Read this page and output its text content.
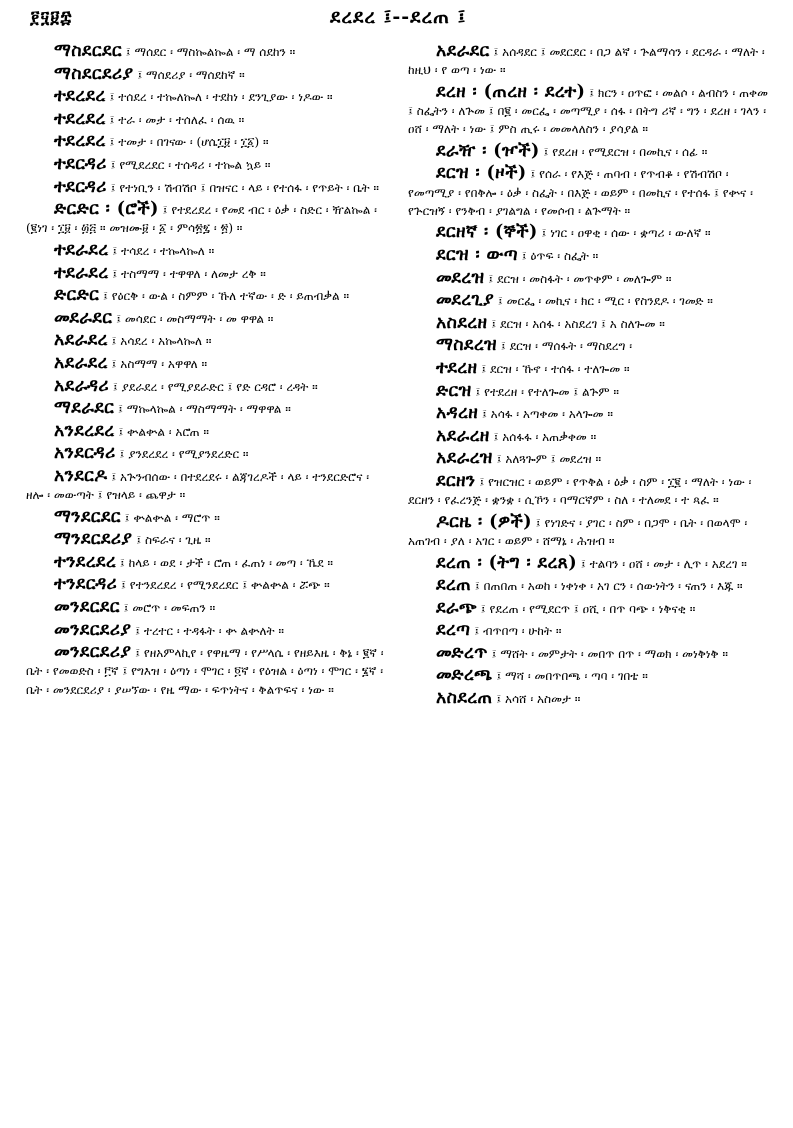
፻፶፱፰	ደረደረ ፤--ደረጠ ፤

ማስደርደር ፤ ማሰደር ፡ ማስኰልኰል ፡ ማ ሰደከን ።

ማስደርደሪያ ፤ ማሰደሪያ ፡ ማሰደከኛ ።

ተደረደረ ፤ ተሰደረ ፡ ተኰለኰለ ፡ ተደከነ ፡ ደንጊያው ፡ ነዶው ።

ተደረደረ ፤ ተራ ፡ መታ ፡ ተሰለፈ ፡ ሰዉ ።

ተደረደረ ፤ ተመታ ፡ በገናው ፡ (ሆሴ፲፱ ፡ ፲፩) ።

ተደርዳሪ ፤ የሚደረደር ፡ ተሰዳሪ ፡ ተኰል ኳይ ።

ተደርዳሪ ፤ የተነቢን ፡ ሽብሽቦ ፤ በዝናር ፡ ላይ ፡ የተሰፋ ፡ የጥይት ፡ ቤት ።

ድርድር ፡ (ሮች) ፤ የተደረደረ ፡ የመደ ብር ፡ ዕቃ ፡ ስድር ፡ ዥልኰል ፡ (፪ነገ ፡ ፲፱ ፡ ፴፭ ። መዝሙ፱ ፡ ፩ ፡ ምሳ፳፯ ፡ ፳) ።

ተደራደረ ፤ ተሳደረ ፡ ተኰላኰለ ።

ተደራደረ ፤ ተስማማ ፡ ተዋዋለ ፡ ለመታ ረቅ ።

ድርድር ፤ የዕርቅ ፡ ውል ፡ ስምም ፡ ኹለ ተኛው ፡ ድ ፡ ይጠብቃል ።

መደራደር ፤ መሳደር ፡ መስማማት ፡ መ ዋዋል ።

አደራደረ ፤ አሳደረ ፡ አኰላኰለ ።

አደራደረ ፤ አስማማ ፡ አዋዋለ ።

አደራዳሪ ፤ ያደራደረ ፡ የሚያደራድር ፤ የድ ርዳሮ ፡ ረዳት ።

ማደራደር ፤ ማኰላኰል ፡ ማስማማት ፡ ማዋዋል ።

አንደረደረ ፤ ቍልቍል ፡ አሮጠ ።

አንደርዳሪ ፤ ያንደረደረ ፡ የሚያንደረድር ።

አንደርዶ ፤ አጕንብሰው ፡ በተደረደሩ ፡ ልጃገረዶች ፡ ላይ ፡ ተንደርድሮና ፡ ዘሎ ፡ መውጣት ፤ የዝላይ ፡ ጨዋታ ።

ማንደርደር ፤ ቍልቍል ፡ ማሮጥ ።

ማንደርደሪያ ፤ ስፍራና ፡ ጊዜ ።

ተንደረደረ ፤ ከላይ ፡ ወደ ፡ ታች ፡ ሮጠ ፡ ፈጠነ ፡ መጣ ፡ ኼደ ።

ተንደርዳሪ ፤ የተንደረደረ ፡ የሚንደረደር ፤ ቍልቍል ፡ ሯጭ ።

መንደርደር ፤ መሮጥ ፡ መፍጠን ።

መንደርደሪያ ፤ ተረተር ፡ ተዳፋት ፡ ቍ ልቍለት ።

መንደርደሪያ ፤ የዘአምላኪየ ፡ የዋዜማ ፡ የሥላሴ ፡ የዘይእዜ ፡ ቅኔ ፡ ፪ኛ ፡ ቤት ፡ የመወድስ ፡ ፫ኛ ፤ የግእዝ ፡ ዕጣነ ፡ ሞገር ፡ ፬ኛ ፡ የዕዝል ፡ ዕጣነ ፡ ሞገር ፡ ፮ኛ ፡ ቤት ፡ መንደርደሪያ ፡ ያሠኘው ፡ የዜ ማው ፡ ፍጥነትና ፡ ቅልጥፍና ፡ ነው ።

አደራደር ፤ አሰዳደር ፤ መደርደር ፡ በጋ ልኛ ፡ ጕልማሳን ፡ ደርዳራ ፡ ማለት ፡ ከዚህ ፡ የ ወጣ ፡ ነው ።

ደረዘ ፡ (ጠረዘ ፡ ደረተ) ፤ ክርን ፡ ዐጥፎ ፡ መልሶ ፡ ልብስን ፡ ጠቀመ ፤ ስፌትን ፡ ለጕመ ፤ በ፪ ፡ መርፌ ፡ መጣሚያ ፡ ሰፋ ፡ በትግ ሪኛ ፡ ግን ፡ ደረዘ ፡ ገላን ፡ ዐሸ ፡ ማለት ፡ ነው ፤ ምስ ጢሩ ፡ መመላለስን ፡ ያሳያል ።

ደራዥ ፡ (ዦች) ፤ የደረዘ ፡ የሚደርዝ ፡ በመኪና ፡ ሰፊ ።

ደርዝ ፡ (ዞች) ፤ የሰራ ፡ የእጅ ፡ ጠባብ ፡ የጥብቆ ፡ የሽብሽቦ ፡ የመጣሚያ ፡ የበቅሎ ፡ ዕቃ ፡ ስፌት ፡ በእጅ ፡ ወይም ፡ በመኪና ፡ የተሰፋ ፤ የቍና ፡ የጕርዝኝ ፡ የንቅብ ፡ ያገልግል ፡ የመሶብ ፡ ልጕማት ።

ደርዘኛ ፡ (ኞች) ፤ ነገር ፡ ዐዋቂ ፡ ሰው ፡ ቋጣሪ ፡ ውለኛ ።

ደርዝ ፡ ውጣ ፤ ዕጥፍ ፡ ስፌት ።

መደረዝ ፤ ደርዝ ፡ መስፋት ፡ መጥቀም ፡ መለጐም ።

መደረጊያ ፤ መርፌ ፡ መኪና ፡ ክር ፡ ሚር ፡ የስንደዶ ፡ ገመድ ።

አስደረዘ ፤ ደርዝ ፡ አሰፋ ፡ አስደረገ ፤ አ ስለጐመ ።

ማስደረዝ ፤ ደርዝ ፡ ማሰፋት ፡ ማስደረግ ፡

ተደረዘ ፤ ደርዝ ፡ ኹኖ ፡ ተሰፋ ፡ ተለጐመ ።

ድርዝ ፤ የተደረዘ ፡ የተለጐመ ፤ ልጕም ።

አዳረዘ ፤ አሳፋ ፡ አጣቀመ ፡ አላጐመ ።

አደራረዘ ፤ አሰፋፋ ፡ አጠቃቀመ ።

አደራረዝ ፤ አለጓጐም ፤ መደረዝ ።

ደርዘን ፤ የዝርዝር ፡ ወይም ፡ የጥቅል ፡ ዕቃ ፡ ስም ፡ ፲፪ ፡ ማለት ፡ ነው ፡ ደርዘን ፡ የፈረንጅ ፡ ቋንቋ ፡ ሲኾን ፡ ባማርኛም ፡ ስለ ፡ ተለመደ ፡ ተ ጻፈ ።

ዶርዜ ፡ (ዎች) ፤ የነገድና ፡ ያገር ፡ ስም ፡ በጋሞ ፡ ቤት ፡ በወላሞ ፡ አጠገብ ፡ ያለ ፡ አገር ፡ ወይም ፡ ሸማኔ ፡ ሕዝብ ።

ደረጠ ፡ (ትግ ፡ ደረጸ) ፤ ተልባን ፡ ዐሸ ፡ መታ ፡ ሊጥ ፡ አደረገ ።

ደረጠ ፤ በጠበጠ ፡ አወከ ፡ ነቀነቀ ፡ አገ ርን ፡ ሰውነትን ፡ ናጠን ፡ እጁ ።

ደራጭ ፤ የደረጠ ፡ የሚደርጥ ፤ ዐሺ ፡ በጥ ባጭ ፡ ነቅናቂ ።

ደረጣ ፤ ብጥበጣ ፡ ሁከት ።

መድረጥ ፤ ማሸት ፡ መምታት ፡ መበጥ በጥ ፡ ማወክ ፡ መነቅነቅ ።

መድረጫ ፤ ማሻ ፡ መበጥበጫ ፡ ጣባ ፡ ገበቴ ።

አስደረጠ ፤ አሳሸ ፡ አስመታ ።
